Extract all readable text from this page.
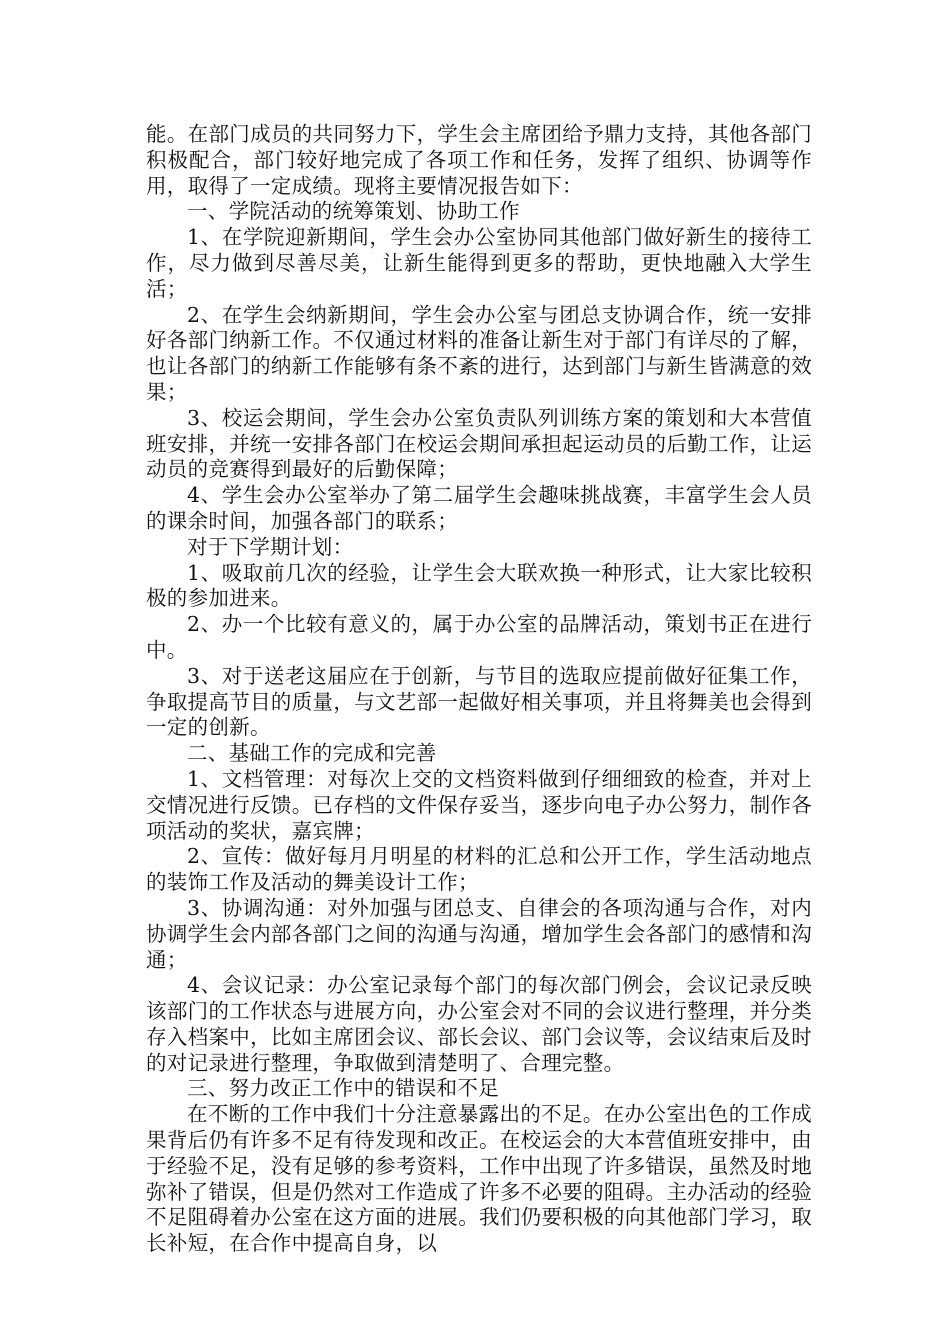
能。在部门成员的共同努力下，学生会主席团给予鼎力支持，其他各部门积极配合，部门较好地完成了各项工作和任务，发挥了组织、协调等作用，取得了一定成绩。现将主要情况报告如下：

一、学院活动的统筹策划、协助工作

1、在学院迎新期间，学生会办公室协同其他部门做好新生的接待工作，尽力做到尽善尽美，让新生能得到更多的帮助，更快地融入大学生活；

2、在学生会纳新期间，学生会办公室与团总支协调合作，统一安排好各部门纳新工作。不仅通过材料的准备让新生对于部门有详尽的了解，也让各部门的纳新工作能够有条不紊的进行，达到部门与新生皆满意的效果；

3、校运会期间，学生会办公室负责队列训练方案的策划和大本营值班安排，并统一安排各部门在校运会期间承担起运动员的后勤工作，让运动员的竞赛得到最好的后勤保障；

4、学生会办公室举办了第二届学生会趣味挑战赛，丰富学生会人员的课余时间，加强各部门的联系；

对于下学期计划：

1、吸取前几次的经验，让学生会大联欢换一种形式，让大家比较积极的参加进来。

2、办一个比较有意义的，属于办公室的品牌活动，策划书正在进行中。

3、对于送老这届应在于创新，与节目的选取应提前做好征集工作，争取提高节目的质量，与文艺部一起做好相关事项，并且将舞美也会得到一定的创新。

二、基础工作的完成和完善

1、文档管理：对每次上交的文档资料做到仔细细致的检查，并对上交情况进行反馈。已存档的文件保存妥当，逐步向电子办公努力，制作各项活动的奖状，嘉宾牌；

2、宣传：做好每月月明星的材料的汇总和公开工作，学生活动地点的装饰工作及活动的舞美设计工作；

3、协调沟通：对外加强与团总支、自律会的各项沟通与合作，对内协调学生会内部各部门之间的沟通与沟通，增加学生会各部门的感情和沟通；

4、会议记录：办公室记录每个部门的每次部门例会，会议记录反映该部门的工作状态与进展方向，办公室会对不同的会议进行整理，并分类存入档案中，比如主席团会议、部长会议、部门会议等，会议结束后及时的对记录进行整理，争取做到清楚明了、合理完整。

三、努力改正工作中的错误和不足

在不断的工作中我们十分注意暴露出的不足。在办公室出色的工作成果背后仍有许多不足有待发现和改正。在校运会的大本营值班安排中，由于经验不足，没有足够的参考资料，工作中出现了许多错误，虽然及时地弥补了错误，但是仍然对工作造成了许多不必要的阻碍。主办活动的经验不足阻碍着办公室在这方面的进展。我们仍要积极的向其他部门学习，取长补短，在合作中提高自身，以
